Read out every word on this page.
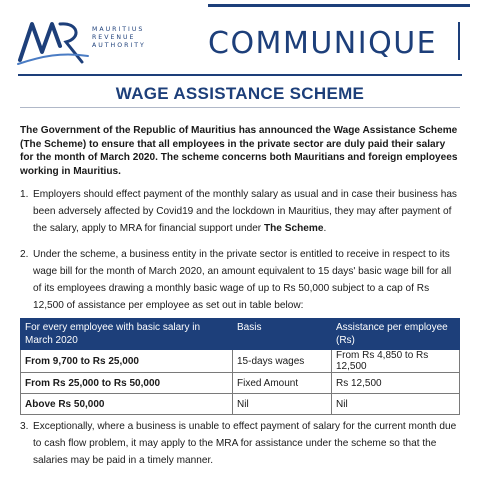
MAURITIUS
REVENUE
AUTHORITY COMMUNIQUE
WAGE ASSISTANCE SCHEME
The Government of the Republic of Mauritius has announced the Wage Assistance Scheme (The Scheme) to ensure that all employees in the private sector are duly paid their salary for the month of March 2020. The scheme concerns both Mauritians and foreign employees working in Mauritius.
1. Employers should effect payment of the monthly salary as usual and in case their business has been adversely affected by Covid19 and the lockdown in Mauritius, they may after payment of the salary, apply to MRA for financial support under The Scheme.
2. Under the scheme, a business entity in the private sector is entitled to receive in respect to its wage bill for the month of March 2020, an amount equivalent to 15 days' basic wage bill for all of its employees drawing a monthly basic wage of up to Rs 50,000 subject to a cap of Rs 12,500 of assistance per employee as set out in table below:
For every employee with basic salary in March 2020	Basis	Assistance per employee (Rs)
From 9,700 to Rs 25,000	15-days wages	From Rs 4,850 to Rs 12,500
From Rs 25,000 to Rs 50,000	Fixed Amount	Rs 12,500
Above Rs 50,000	Nil	Nil
3. Exceptionally, where a business is unable to effect payment of salary for the current month due to cash flow problem, it may apply to the MRA for assistance under the scheme so that the salaries may be paid in a timely manner.
